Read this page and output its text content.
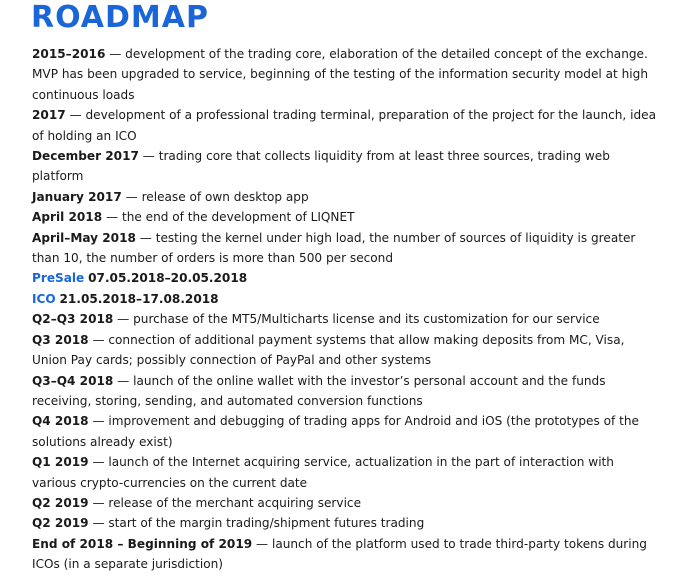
ROADMAP

2015–2016 — development of the trading core, elaboration of the detailed concept of the exchange. MVP has been upgraded to service, beginning of the testing of the information security model at high continuous loads

2017 — development of a professional trading terminal, preparation of the project for the launch, idea of holding an ICO

December 2017 — trading core that collects liquidity from at least three sources, trading web platform

January 2017 — release of own desktop app

April 2018 — the end of the development of LIQNET

April–May 2018 — testing the kernel under high load, the number of sources of liquidity is greater than 10, the number of orders is more than 500 per second

PreSale 07.05.2018–20.05.2018

ICO 21.05.2018–17.08.2018

Q2–Q3 2018 — purchase of the MT5/Multicharts license and its customization for our service

Q3 2018 — connection of additional payment systems that allow making deposits from MC, Visa, Union Pay cards; possibly connection of PayPal and other systems

Q3–Q4 2018 — launch of the online wallet with the investor’s personal account and the funds receiving, storing, sending, and automated conversion functions

Q4 2018 — improvement and debugging of trading apps for Android and iOS (the prototypes of the solutions already exist)

Q1 2019 — launch of the Internet acquiring service, actualization in the part of interaction with various crypto-currencies on the current date

Q2 2019 — release of the merchant acquiring service

Q2 2019 — start of the margin trading/shipment futures trading

End of 2018 – Beginning of 2019 — launch of the platform used to trade third-party tokens during ICOs (in a separate jurisdiction)
